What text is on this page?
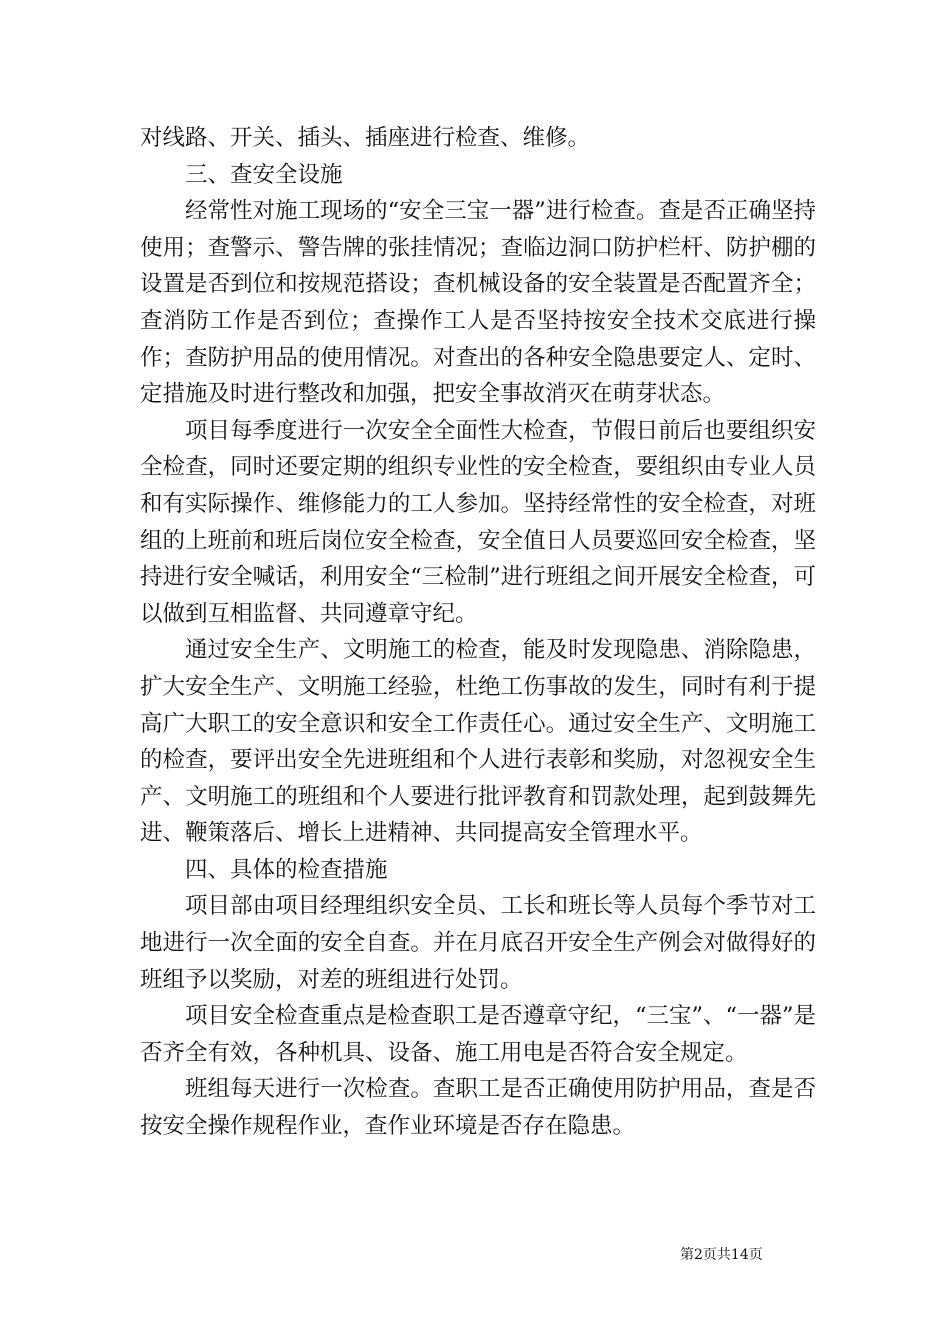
对线路、开关、插头、插座进行检查、维修。

三、查安全设施

经常性对施工现场的“安全三宝一器”进行检查。查是否正确坚持使用；查警示、警告牌的张挂情况；查临边洞口防护栏杆、防护棚的设置是否到位和按规范搭设；查机械设备的安全装置是否配置齐全；查消防工作是否到位；查操作工人是否坚持按安全技术交底进行操作；查防护用品的使用情况。对查出的各种安全隐患要定人、定时、定措施及时进行整改和加强，把安全事故消灭在萌芽状态。

项目每季度进行一次安全全面性大检查，节假日前后也要组织安全检查，同时还要定期的组织专业性的安全检查，要组织由专业人员和有实际操作、维修能力的工人参加。坚持经常性的安全检查，对班组的上班前和班后岗位安全检查，安全值日人员要巡回安全检查，坚持进行安全喊话，利用安全“三检制”进行班组之间开展安全检查，可以做到互相监督、共同遵章守纪。

通过安全生产、文明施工的检查，能及时发现隐患、消除隐患，扩大安全生产、文明施工经验，杜绝工伤事故的发生，同时有利于提高广大职工的安全意识和安全工作责任心。通过安全生产、文明施工的检查，要评出安全先进班组和个人进行表彰和奖励，对忽视安全生产、文明施工的班组和个人要进行批评教育和罚款处理，起到鼓舞先进、鞭策落后、增长上进精神、共同提高安全管理水平。

四、具体的检查措施

项目部由项目经理组织安全员、工长和班长等人员每个季节对工地进行一次全面的安全自查。并在月底召开安全生产例会对做得好的班组予以奖励，对差的班组进行处罚。

项目安全检查重点是检查职工是否遵章守纪，“三宝”、“一器”是否齐全有效，各种机具、设备、施工用电是否符合安全规定。

班组每天进行一次检查。查职工是否正确使用防护用品，查是否按安全操作规程作业，查作业环境是否存在隐患。

第2页共14页
